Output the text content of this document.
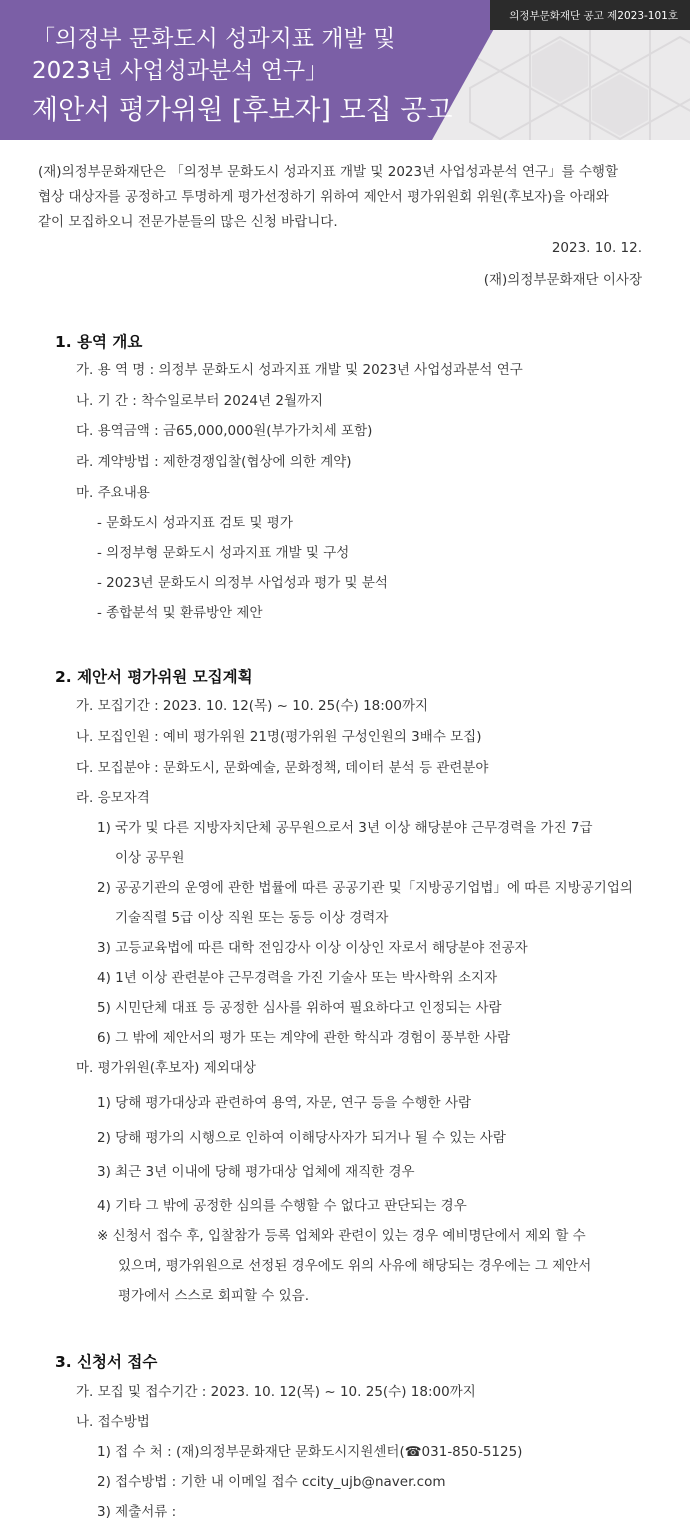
의정부문화재단 공고 제2023-101호
「의정부 문화도시 성과지표 개발 및
2023년 사업성과분석 연구」
제안서 평가위원 [후보자] 모집 공고
(재)의정부문화재단은 「의정부 문화도시 성과지표 개발 및 2023년 사업성과분석 연구」를 수행할
협상 대상자를 공정하고 투명하게 평가선정하기 위하여 제안서 평가위원회 위원(후보자)을 아래와
같이 모집하오니 전문가분들의 많은 신청 바랍니다.
2023. 10. 12.
(재)의정부문화재단 이사장
1. 용역 개요
가. 용 역 명 : 의정부 문화도시 성과지표 개발 및 2023년 사업성과분석 연구
나. 기 간 : 착수일로부터 2024년 2월까지
다. 용역금액 : 금65,000,000원(부가가치세 포함)
라. 계약방법 : 제한경쟁입찰(협상에 의한 계약)
마. 주요내용
- 문화도시 성과지표 검토 및 평가
- 의정부형 문화도시 성과지표 개발 및 구성
- 2023년 문화도시 의정부 사업성과 평가 및 분석
- 종합분석 및 환류방안 제안
2. 제안서 평가위원 모집계획
가. 모집기간 : 2023. 10. 12(목) ~ 10. 25(수) 18:00까지
나. 모집인원 : 예비 평가위원 21명(평가위원 구성인원의 3배수 모집)
다. 모집분야 : 문화도시, 문화예술, 문화정책, 데이터 분석 등 관련분야
라. 응모자격
1) 국가 및 다른 지방자치단체 공무원으로서 3년 이상 해당분야 근무경력을 가진 7급
이상 공무원
2) 공공기관의 운영에 관한 법률에 따른 공공기관 및「지방공기업법」에 따른 지방공기업의
기술직렬 5급 이상 직원 또는 동등 이상 경력자
3) 고등교육법에 따른 대학 전임강사 이상 이상인 자로서 해당분야 전공자
4) 1년 이상 관련분야 근무경력을 가진 기술사 또는 박사학위 소지자
5) 시민단체 대표 등 공정한 심사를 위하여 필요하다고 인정되는 사람
6) 그 밖에 제안서의 평가 또는 계약에 관한 학식과 경험이 풍부한 사람
마. 평가위원(후보자) 제외대상
1) 당해 평가대상과 관련하여 용역, 자문, 연구 등을 수행한 사람
2) 당해 평가의 시행으로 인하여 이해당사자가 되거나 될 수 있는 사람
3) 최근 3년 이내에 당해 평가대상 업체에 재직한 경우
4) 기타 그 밖에 공정한 심의를 수행할 수 없다고 판단되는 경우
※ 신청서 접수 후, 입찰참가 등록 업체와 관련이 있는 경우 예비명단에서 제외 할 수
있으며, 평가위원으로 선정된 경우에도 위의 사유에 해당되는 경우에는 그 제안서
평가에서 스스로 회피할 수 있음.
3. 신청서 접수
가. 모집 및 접수기간 : 2023. 10. 12(목) ~ 10. 25(수) 18:00까지
나. 접수방법
1) 접 수 처 : (재)의정부문화재단 문화도시지원센터(☎031-850-5125)
2) 접수방법 : 기한 내 이메일 접수 ccity_ujb@naver.com
3) 제출서류 :
